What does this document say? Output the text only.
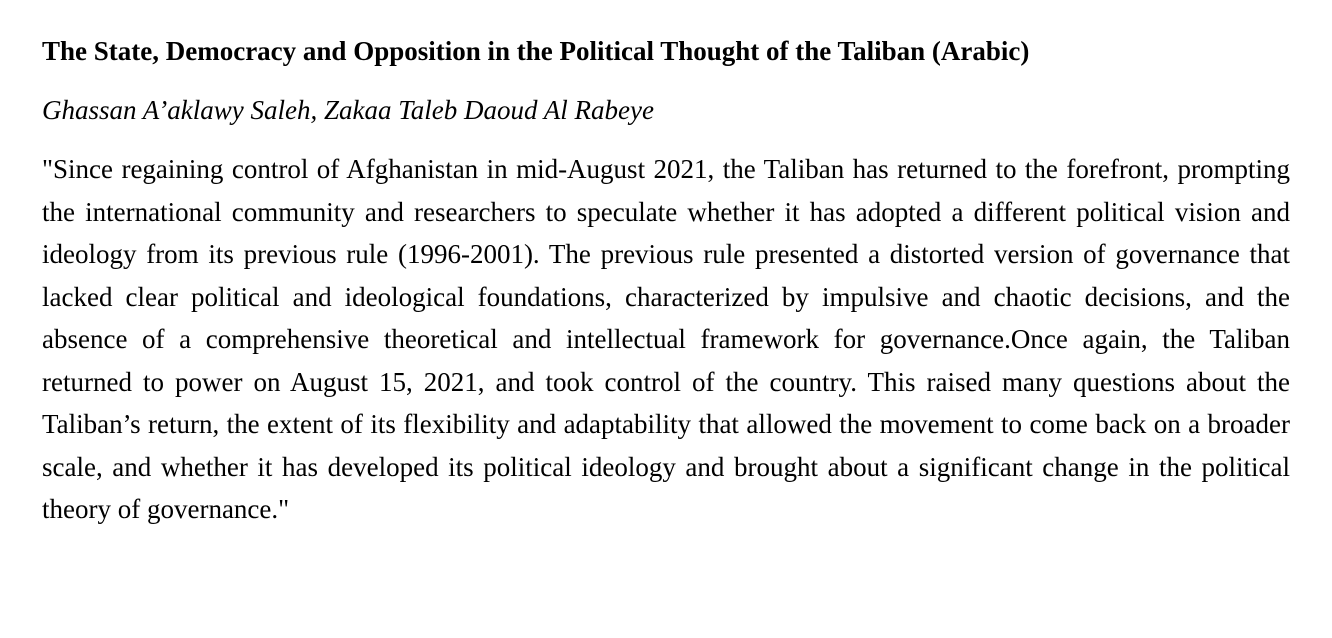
The State, Democracy and Opposition in the Political Thought of the Taliban (Arabic)

Ghassan A’aklawy Saleh, Zakaa Taleb Daoud Al Rabeye

"Since regaining control of Afghanistan in mid-August 2021, the Taliban has returned to the forefront, prompting the international community and researchers to speculate whether it has adopted a different political vision and ideology from its previous rule (1996-2001). The previous rule presented a distorted version of governance that lacked clear political and ideological foundations, characterized by impulsive and chaotic decisions, and the absence of a comprehensive theoretical and intellectual framework for governance.Once again, the Taliban returned to power on August 15, 2021, and took control of the country. This raised many questions about the Taliban’s return, the extent of its flexibility and adaptability that allowed the movement to come back on a broader scale, and whether it has developed its political ideology and brought about a significant change in the political theory of governance."
